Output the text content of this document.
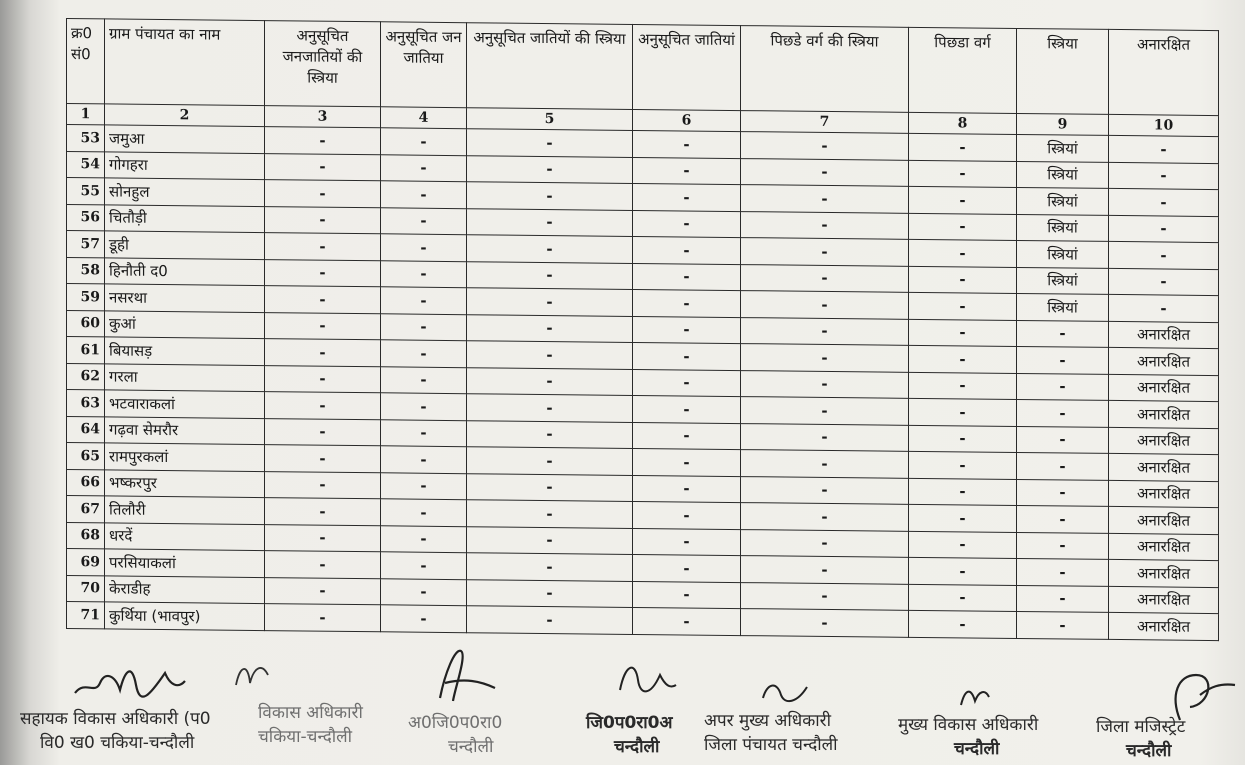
क्र0 सं0	ग्राम पंचायत का नाम	अनुसूचित जनजातियों की स्त्रिया	अनुसूचित जन जातिया	अनुसूचित जातियों की स्त्रिया	अनुसूचित जातियां	पिछडे वर्ग की स्त्रिया	पिछडा वर्ग	स्त्रिया	अनारक्षित
1	2	3	4	5	6	7	8	9	10
53	जमुआ	-	-	-	-	-	-	स्त्रियां	-
54	गोगहरा	-	-	-	-	-	-	स्त्रियां	-
55	सोनहुल	-	-	-	-	-	-	स्त्रियां	-
56	चितौड़ी	-	-	-	-	-	-	स्त्रियां	-
57	डूही	-	-	-	-	-	-	स्त्रियां	-
58	हिनौती द0	-	-	-	-	-	-	स्त्रियां	-
59	नसरथा	-	-	-	-	-	-	स्त्रियां	-
60	कुआं	-	-	-	-	-	-	-	अनारक्षित
61	बियासड़	-	-	-	-	-	-	-	अनारक्षित
62	गरला	-	-	-	-	-	-	-	अनारक्षित
63	भटवाराकलां	-	-	-	-	-	-	-	अनारक्षित
64	गढ़वा सेमरौर	-	-	-	-	-	-	-	अनारक्षित
65	रामपुरकलां	-	-	-	-	-	-	-	अनारक्षित
66	भष्करपुर	-	-	-	-	-	-	-	अनारक्षित
67	तिलौरी	-	-	-	-	-	-	-	अनारक्षित
68	धरदें	-	-	-	-	-	-	-	अनारक्षित
69	परसियाकलां	-	-	-	-	-	-	-	अनारक्षित
70	केराडीह	-	-	-	-	-	-	-	अनारक्षित
71	कुर्थिया (भावपुर)	-	-	-	-	-	-	-	अनारक्षित
सहायक विकास अधिकारी (प0
वि0 ख0 चकिया-चन्दौली
विकास अधिकारी
चकिया-चन्दौली
अ0जि0प0रा0
चन्दौली
जि0प0रा0अ
चन्दौली
अपर मुख्य अधिकारी
जिला पंचायत चन्दौली
मुख्य विकास अधिकारी
चन्दौली
जिला मजिस्ट्रेट
चन्दौली
